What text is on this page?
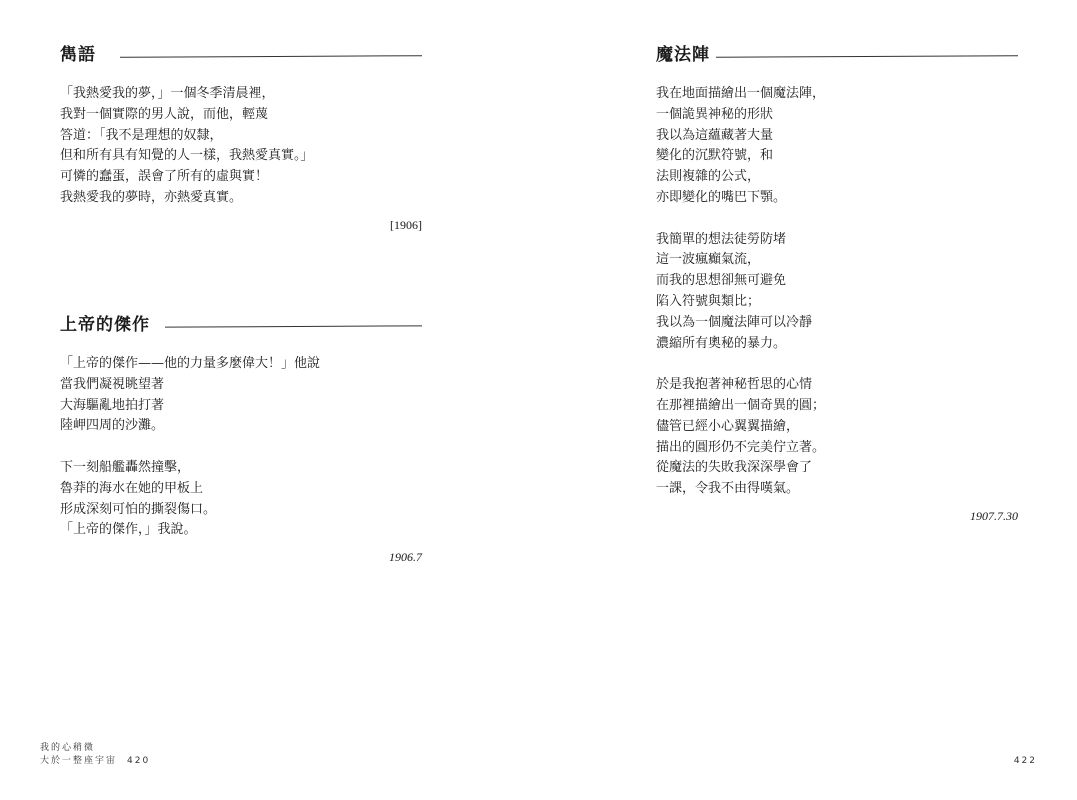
雋語
「我熱愛我的夢，」一個冬季清晨裡，
我對一個實際的男人說，而他，輕蔑
答道：「我不是理想的奴隸，
但和所有具有知覺的人一樣，我熱愛真實。」
可憐的蠢蛋，誤會了所有的虛與實！
我熱愛我的夢時，亦熱愛真實。
[1906]
上帝的傑作
「上帝的傑作——他的力量多麼偉大！」他說
當我們凝視眺望著
大海驅亂地拍打著
陸岬四周的沙灘。
下一刻船艦轟然撞擊，
魯莽的海水在她的甲板上
形成深刻可怕的撕裂傷口。
「上帝的傑作，」我說。
1906.7
我的心稍微
大於一整座宇宙 420
魔法陣
我在地面描繪出一個魔法陣，
一個詭異神秘的形狀
我以為這蘊藏著大量
變化的沉默符號，和
法則複雜的公式，
亦即變化的嘴巴下顎。
我簡單的想法徒勞防堵
這一波瘋癲氣流，
而我的思想卻無可避免
陷入符號與類比；
我以為一個魔法陣可以冷靜
濃縮所有奧秘的暴力。
於是我抱著神秘哲思的心情
在那裡描繪出一個奇異的圓；
儘管已經小心翼翼描繪，
描出的圓形仍不完美佇立著。
從魔法的失敗我深深學會了
一課，令我不由得嘆氣。
1907.7.30
422
